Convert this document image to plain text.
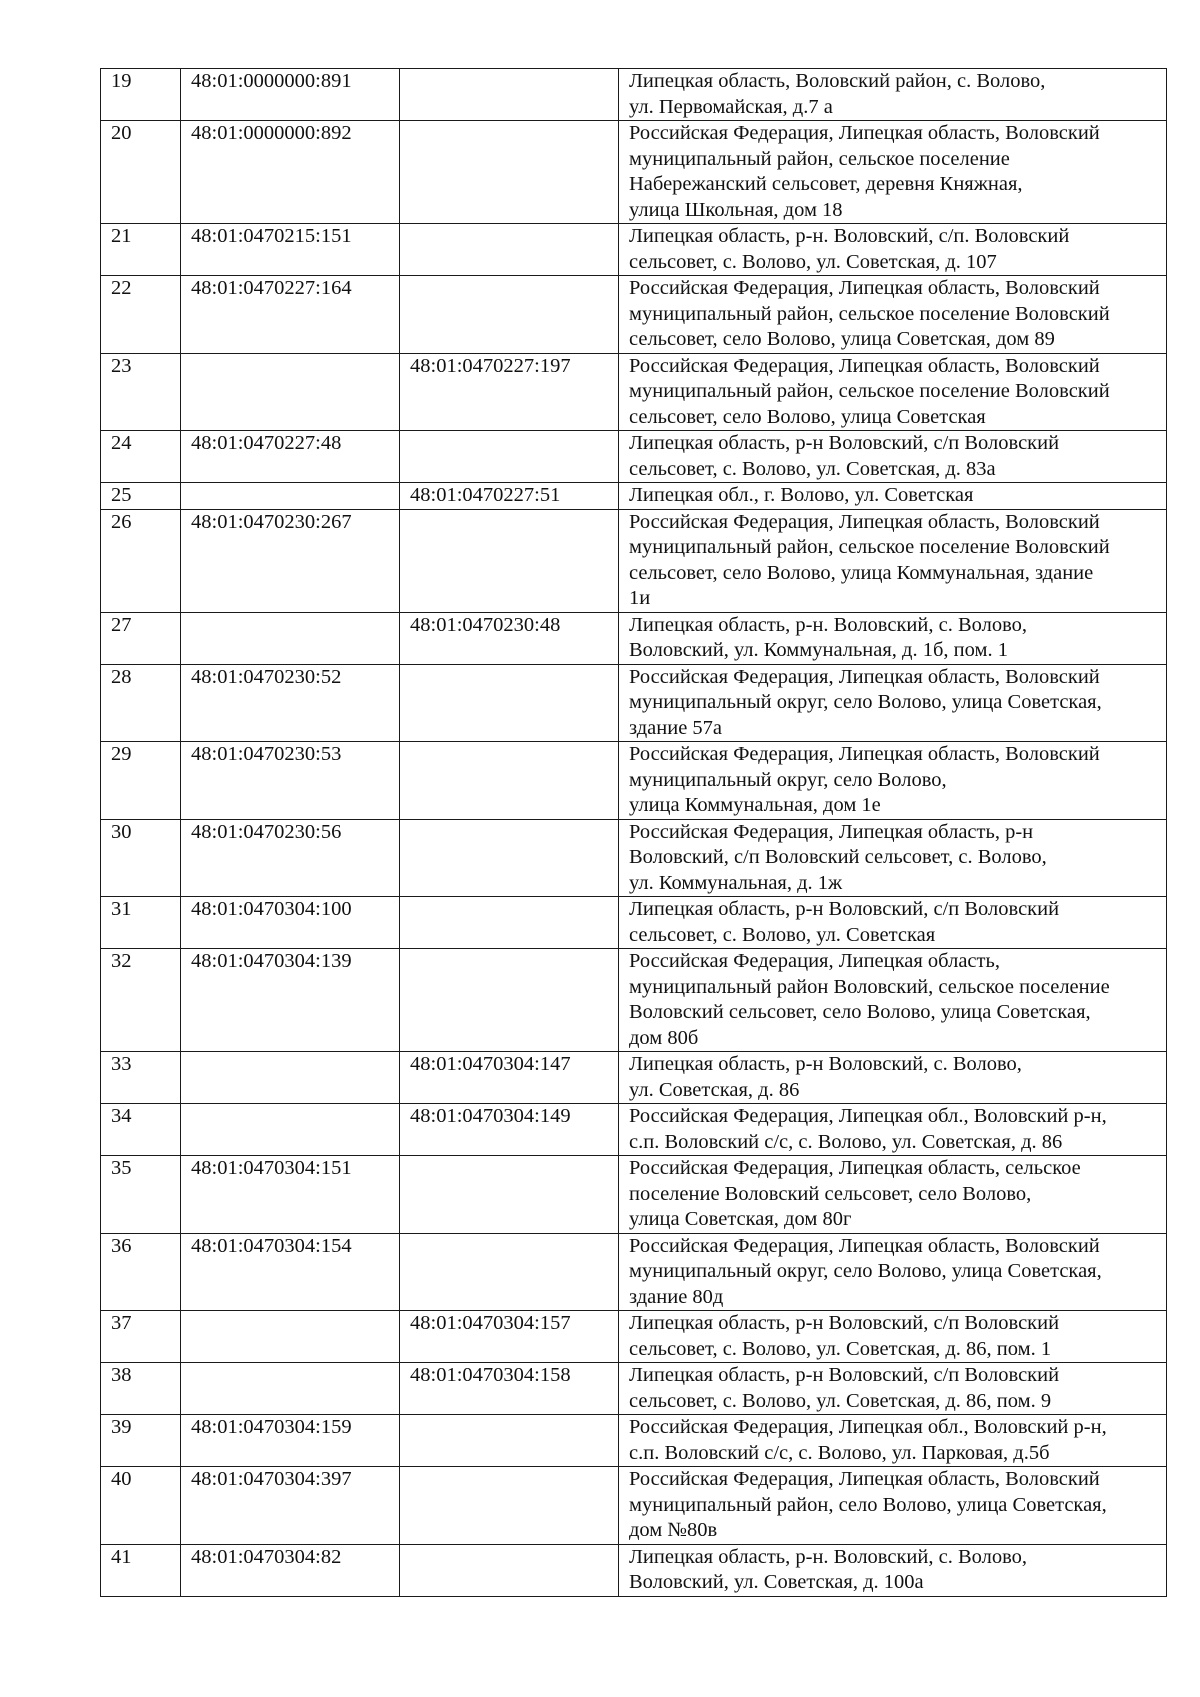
19	48:01:0000000:891		Липецкая область, Воловский район, с. Волово,
ул. Первомайская, д.7 а
20	48:01:0000000:892		Российская Федерация, Липецкая область, Воловский
муниципальный район, сельское поселение
Набережанский сельсовет, деревня Княжная,
улица Школьная, дом 18
21	48:01:0470215:151		Липецкая область, р-н. Воловский, с/п. Воловский
сельсовет, с. Волово, ул. Советская, д. 107
22	48:01:0470227:164		Российская Федерация, Липецкая область, Воловский
муниципальный район, сельское поселение Воловский
сельсовет, село Волово, улица Советская, дом 89
23		48:01:0470227:197	Российская Федерация, Липецкая область, Воловский
муниципальный район, сельское поселение Воловский
сельсовет, село Волово, улица Советская
24	48:01:0470227:48		Липецкая область, р-н Воловский, с/п Воловский
сельсовет, с. Волово, ул. Советская, д. 83а
25		48:01:0470227:51	Липецкая обл., г. Волово, ул. Советская
26	48:01:0470230:267		Российская Федерация, Липецкая область, Воловский
муниципальный район, сельское поселение Воловский
сельсовет, село Волово, улица Коммунальная, здание
1и
27		48:01:0470230:48	Липецкая область, р-н. Воловский, с. Волово,
Воловский, ул. Коммунальная, д. 1б, пом. 1
28	48:01:0470230:52		Российская Федерация, Липецкая область, Воловский
муниципальный округ, село Волово, улица Советская,
здание 57а
29	48:01:0470230:53		Российская Федерация, Липецкая область, Воловский
муниципальный округ, село Волово,
улица Коммунальная, дом 1е
30	48:01:0470230:56		Российская Федерация, Липецкая область, р-н
Воловский, с/п Воловский сельсовет, с. Волово,
ул. Коммунальная, д. 1ж
31	48:01:0470304:100		Липецкая область, р-н Воловский, с/п Воловский
сельсовет, с. Волово, ул. Советская
32	48:01:0470304:139		Российская Федерация, Липецкая область,
муниципальный район Воловский, сельское поселение
Воловский сельсовет, село Волово, улица Советская,
дом 80б
33		48:01:0470304:147	Липецкая область, р-н Воловский, с. Волово,
ул. Советская, д. 86
34		48:01:0470304:149	Российская Федерация, Липецкая обл., Воловский р-н,
с.п. Воловский с/с, с. Волово, ул. Советская, д. 86
35	48:01:0470304:151		Российская Федерация, Липецкая область, сельское
поселение Воловский сельсовет, село Волово,
улица Советская, дом 80г
36	48:01:0470304:154		Российская Федерация, Липецкая область, Воловский
муниципальный округ, село Волово, улица Советская,
здание 80д
37		48:01:0470304:157	Липецкая область, р-н Воловский, с/п Воловский
сельсовет, с. Волово, ул. Советская, д. 86, пом. 1
38		48:01:0470304:158	Липецкая область, р-н Воловский, с/п Воловский
сельсовет, с. Волово, ул. Советская, д. 86, пом. 9
39	48:01:0470304:159		Российская Федерация, Липецкая обл., Воловский р-н,
с.п. Воловский с/с, с. Волово, ул. Парковая, д.5б
40	48:01:0470304:397		Российская Федерация, Липецкая область, Воловский
муниципальный район, село Волово, улица Советская,
дом №80в
41	48:01:0470304:82		Липецкая область, р-н. Воловский, с. Волово,
Воловский, ул. Советская, д. 100а
